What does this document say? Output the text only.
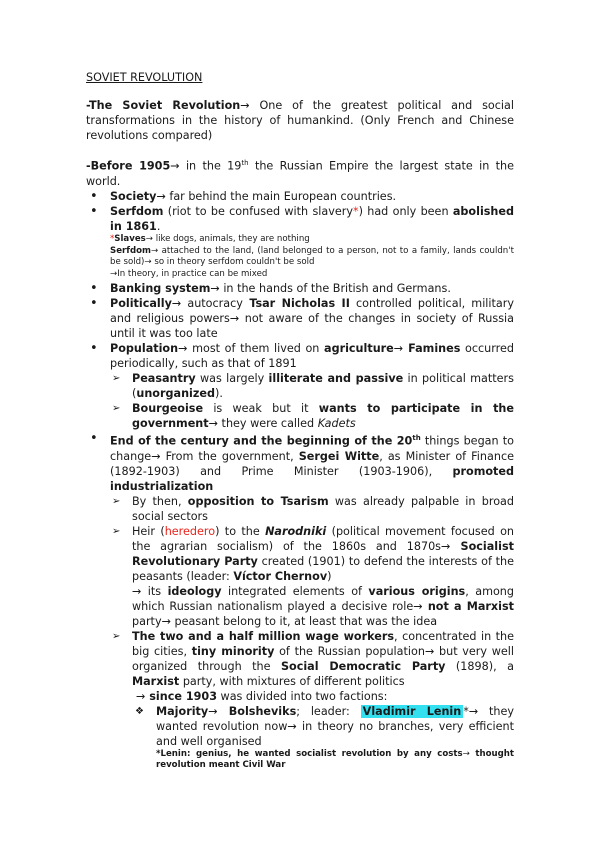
SOVIET REVOLUTION

-The Soviet Revolution→ One of the greatest political and social transformations in the history of humankind. (Only French and Chinese revolutions compared)

-Before 1905→ in the 19th the Russian Empire the largest state in the world.

• Society→ far behind the main European countries.
• Serfdom (riot to be confused with slavery*) had only been abolished in 1861.
*Slaves→ like dogs, animals, they are nothing
Serfdom→ attached to the land, (land belonged to a person, not to a family, lands couldn't be sold)→ so in theory serfdom couldn't be sold
→In theory, in practice can be mixed
• Banking system→ in the hands of the British and Germans.
• Politically→ autocracy Tsar Nicholas II controlled political, military and religious powers→ not aware of the changes in society of Russia until it was too late
• Population→ most of them lived on agriculture→ Famines occurred periodically, such as that of 1891
➢ Peasantry was largely illiterate and passive in political matters (unorganized).
➢ Bourgeoise is weak but it wants to participate in the government→ they were called Kadets
• End of the century and the beginning of the 20th things began to change→ From the government, Sergei Witte, as Minister of Finance (1892-1903) and Prime Minister (1903-1906), promoted industrialization
➢ By then, opposition to Tsarism was already palpable in broad social sectors
➢ Heir (heredero) to the Narodniki (political movement focused on the agrarian socialism) of the 1860s and 1870s→ Socialist Revolutionary Party created (1901) to defend the interests of the peasants (leader: Víctor Chernov)
→ its ideology integrated elements of various origins, among which Russian nationalism played a decisive role→ not a Marxist party→ peasant belong to it, at least that was the idea
➢ The two and a half million wage workers, concentrated in the big cities, tiny minority of the Russian population→ but very well organized through the Social Democratic Party (1898), a Marxist party, with mixtures of different politics
→ since 1903 was divided into two factions:
❖ Majority→ Bolsheviks; leader: Vladimir Lenin *→ they wanted revolution now→ in theory no branches, very efficient and well organised
*Lenin: genius, he wanted socialist revolution by any costs→ thought revolution meant Civil War
